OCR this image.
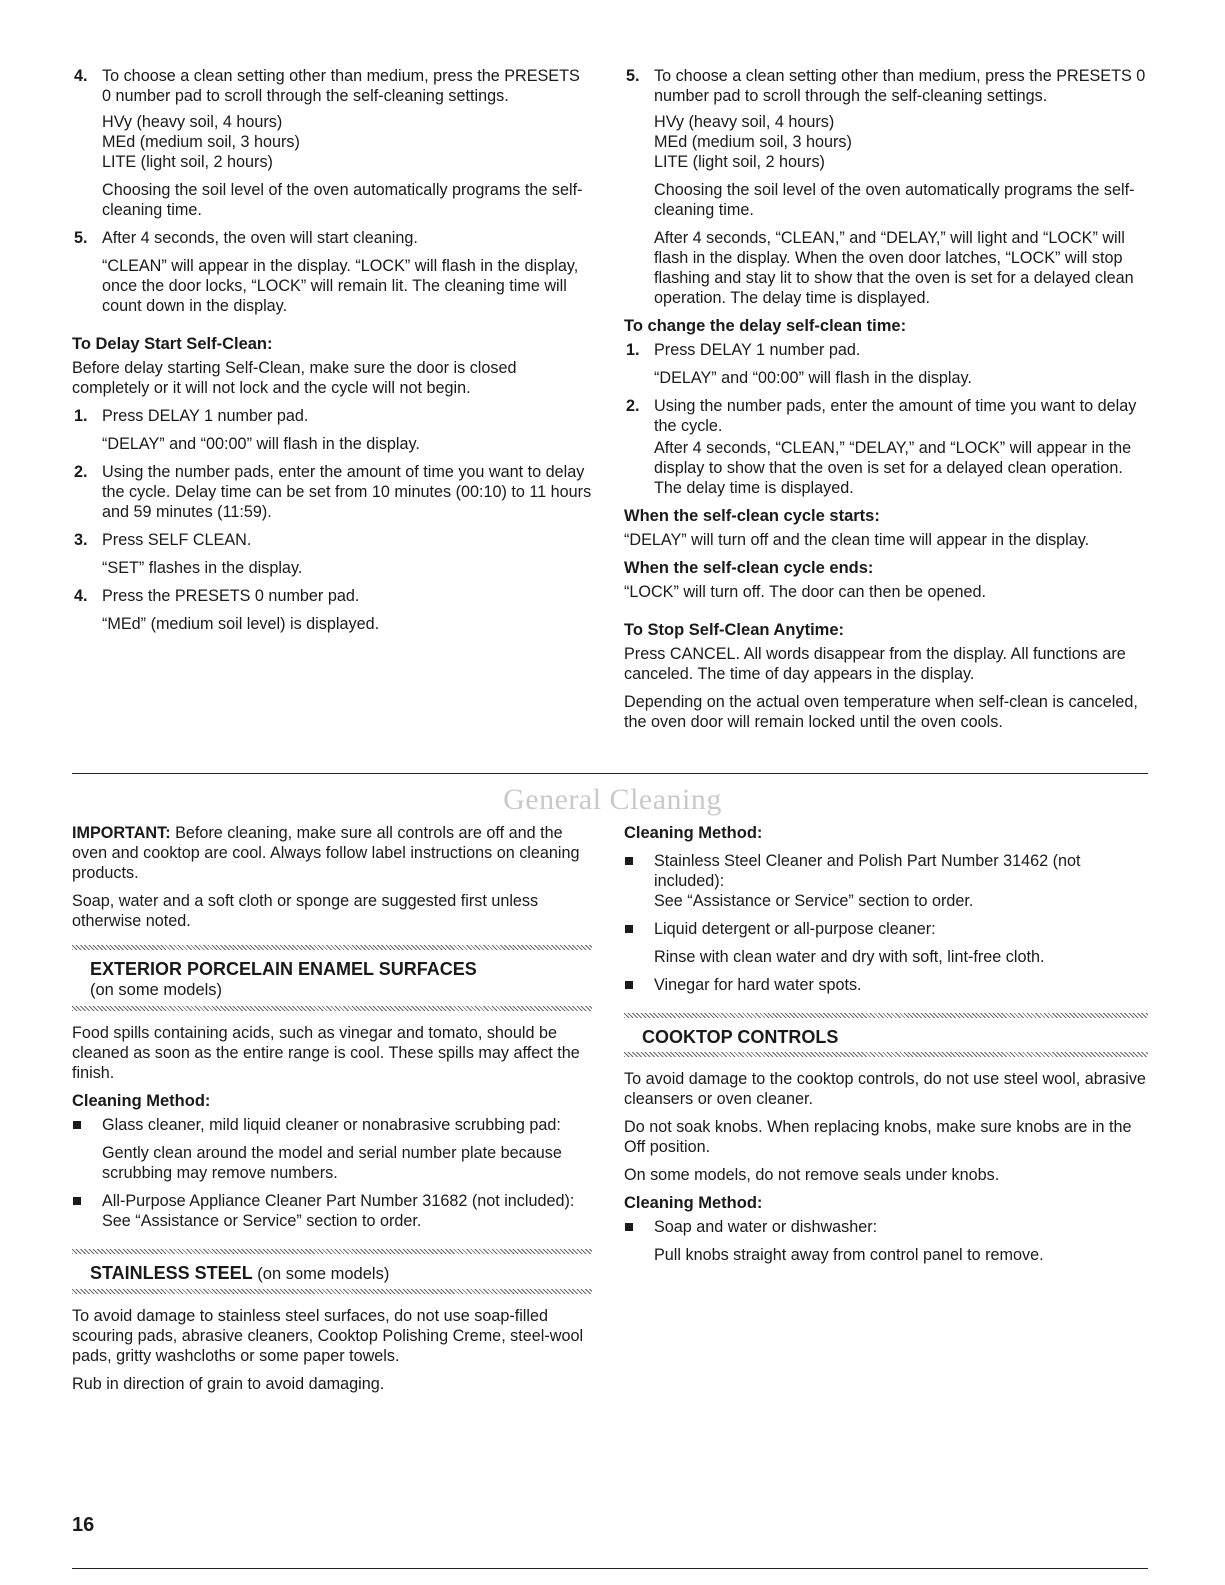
4. To choose a clean setting other than medium, press the PRESETS 0 number pad to scroll through the self-cleaning settings.
HVy (heavy soil, 4 hours)
MEd (medium soil, 3 hours)
LITE (light soil, 2 hours)

Choosing the soil level of the oven automatically programs the self-cleaning time.

5. After 4 seconds, the oven will start cleaning.

“CLEAN” will appear in the display. “LOCK” will flash in the display, once the door locks, “LOCK” will remain lit. The cleaning time will count down in the display.

To Delay Start Self-Clean:

Before delay starting Self-Clean, make sure the door is closed completely or it will not lock and the cycle will not begin.

1. Press DELAY 1 number pad.

“DELAY” and “00:00” will flash in the display.

2. Using the number pads, enter the amount of time you want to delay the cycle. Delay time can be set from 10 minutes (00:10) to 11 hours and 59 minutes (11:59).
3. Press SELF CLEAN.

“SET” flashes in the display.

4. Press the PRESETS 0 number pad.

“MEd” (medium soil level) is displayed.

5. To choose a clean setting other than medium, press the PRESETS 0 number pad to scroll through the self-cleaning settings.
HVy (heavy soil, 4 hours)
MEd (medium soil, 3 hours)
LITE (light soil, 2 hours)

Choosing the soil level of the oven automatically programs the self-cleaning time.

After 4 seconds, “CLEAN,” and “DELAY,” will light and “LOCK” will flash in the display. When the oven door latches, “LOCK” will stop flashing and stay lit to show that the oven is set for a delayed clean operation. The delay time is displayed.

To change the delay self-clean time:
1. Press DELAY 1 number pad.

“DELAY” and “00:00” will flash in the display.

2. Using the number pads, enter the amount of time you want to delay the cycle.

After 4 seconds, “CLEAN,” “DELAY,” and “LOCK” will appear in the display to show that the oven is set for a delayed clean operation. The delay time is displayed.

When the self-clean cycle starts:

“DELAY” will turn off and the clean time will appear in the display.

When the self-clean cycle ends:

“LOCK” will turn off. The door can then be opened.

To Stop Self-Clean Anytime:

Press CANCEL. All words disappear from the display. All functions are canceled. The time of day appears in the display.

Depending on the actual oven temperature when self-clean is canceled, the oven door will remain locked until the oven cools.

General Cleaning

IMPORTANT: Before cleaning, make sure all controls are off and the oven and cooktop are cool. Always follow label instructions on cleaning products.

Soap, water and a soft cloth or sponge are suggested first unless otherwise noted.

EXTERIOR PORCELAIN ENAMEL SURFACES
(on some models)

Food spills containing acids, such as vinegar and tomato, should be cleaned as soon as the entire range is cool. These spills may affect the finish.

Cleaning Method:
Glass cleaner, mild liquid cleaner or nonabrasive scrubbing pad:

Gently clean around the model and serial number plate because scrubbing may remove numbers.

All-Purpose Appliance Cleaner Part Number 31682 (not included):
See “Assistance or Service” section to order.
STAINLESS STEEL (on some models)

To avoid damage to stainless steel surfaces, do not use soap-filled scouring pads, abrasive cleaners, Cooktop Polishing Creme, steel-wool pads, gritty washcloths or some paper towels.

Rub in direction of grain to avoid damaging.

Cleaning Method:
Stainless Steel Cleaner and Polish Part Number 31462 (not included):
See “Assistance or Service” section to order.
Liquid detergent or all-purpose cleaner:

Rinse with clean water and dry with soft, lint-free cloth.

Vinegar for hard water spots.
COOKTOP CONTROLS

To avoid damage to the cooktop controls, do not use steel wool, abrasive cleansers or oven cleaner.

Do not soak knobs. When replacing knobs, make sure knobs are in the Off position.

On some models, do not remove seals under knobs.

Cleaning Method:
Soap and water or dishwasher:

Pull knobs straight away from control panel to remove.

16
